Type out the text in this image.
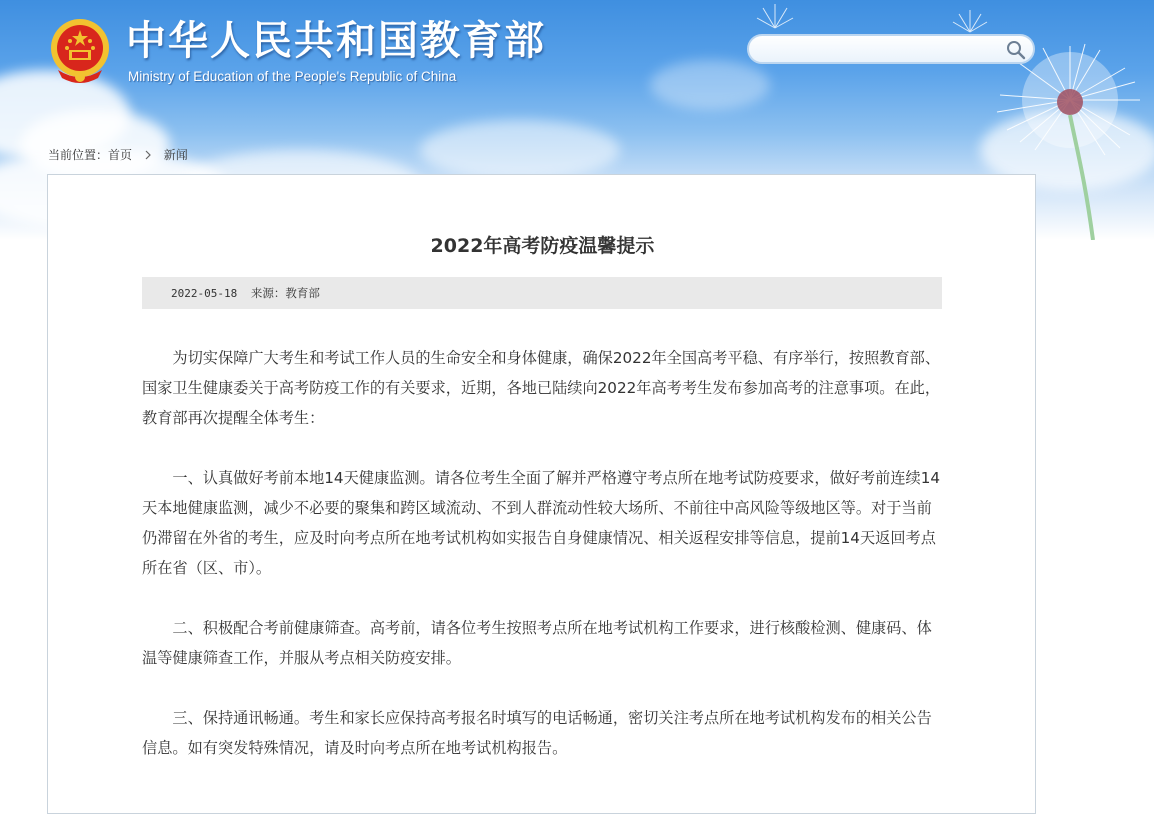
中华人民共和国教育部
Ministry of Education of the People's Republic of China
当前位置：首页	新闻
2022年高考防疫温馨提示
2022-05-18 来源：教育部

为切实保障广大考生和考试工作人员的生命安全和身体健康，确保2022年全国高考平稳、有序举行，按照教育部、国家卫生健康委关于高考防疫工作的有关要求，近期，各地已陆续向2022年高考考生发布参加高考的注意事项。在此，教育部再次提醒全体考生：

一、认真做好考前本地14天健康监测。请各位考生全面了解并严格遵守考点所在地考试防疫要求，做好考前连续14天本地健康监测，减少不必要的聚集和跨区域流动、不到人群流动性较大场所、不前往中高风险等级地区等。对于当前仍滞留在外省的考生，应及时向考点所在地考试机构如实报告自身健康情况、相关返程安排等信息，提前14天返回考点所在省（区、市）。

二、积极配合考前健康筛查。高考前，请各位考生按照考点所在地考试机构工作要求，进行核酸检测、健康码、体温等健康筛查工作，并服从考点相关防疫安排。

三、保持通讯畅通。考生和家长应保持高考报名时填写的电话畅通，密切关注考点所在地考试机构发布的相关公告信息。如有突发特殊情况，请及时向考点所在地考试机构报告。
